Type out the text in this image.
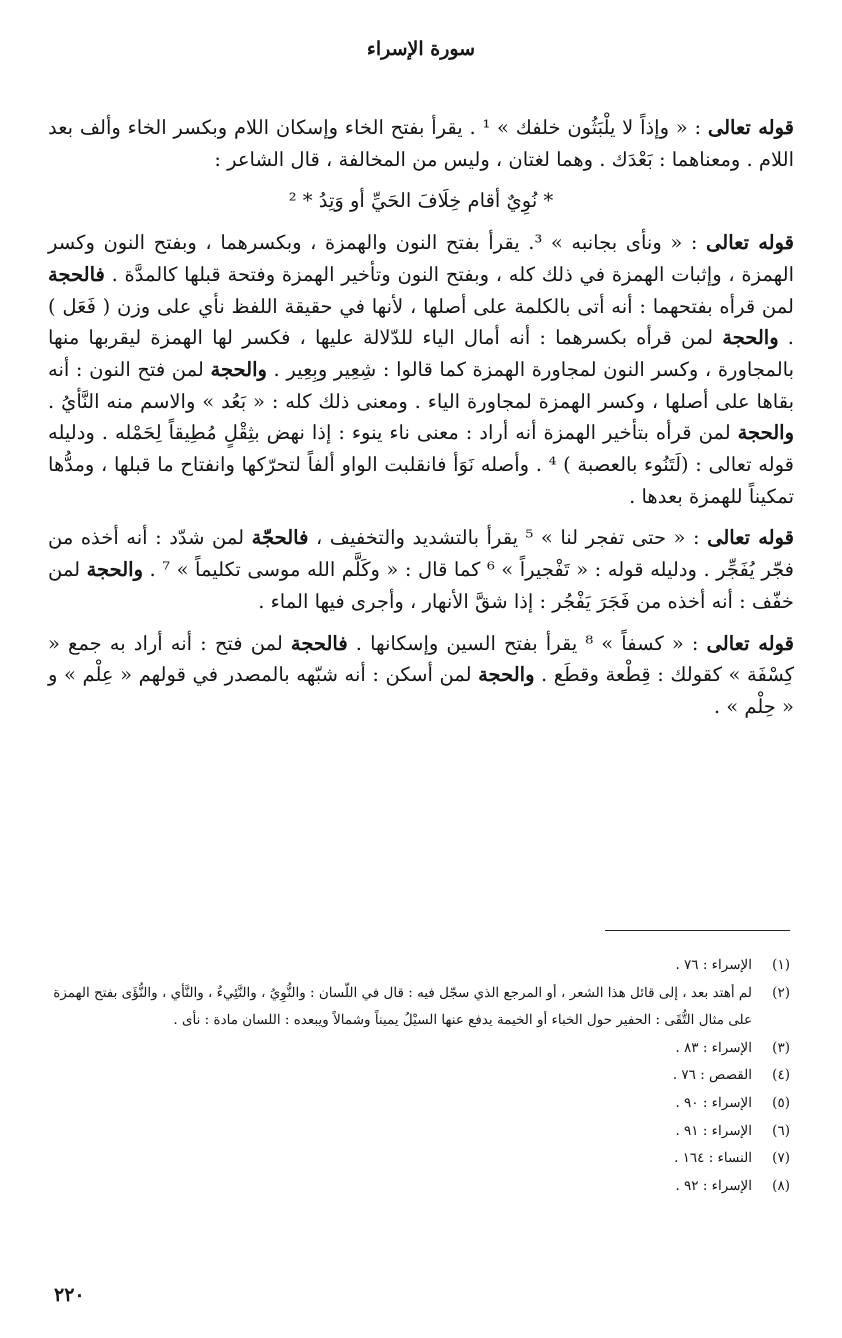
سورة الإسراء

قوله تعالى : « وإذاً لا يلْبَثُون خلفك » ¹ . يقرأ بفتح الخاء وإسكان اللام وبكسر الخاء وألف بعد اللام . ومعناهما : بَعْدَك . وهما لغتان ، وليس من المخالفة ، قال الشاعر :

* نُوِيٌ أقام خِلَافَ الحَيِّ أو وَتِدُ * ²

قوله تعالى : « ونأى بجانبه » ³. يقرأ بفتح النون والهمزة ، وبكسرهما ، وبفتح النون وكسر الهمزة ، وإثبات الهمزة في ذلك كله ، وبفتح النون وتأخير الهمزة وفتحة قبلها كالمدَّة . فالحجة لمن قرأه بفتحهما : أنه أتى بالكلمة على أصلها ، لأنها في حقيقة اللفظ نأي على وزن ( فَعَل ) . والحجة لمن قرأه بكسرهما : أنه أمال الياء للدّلالة عليها ، فكسر لها الهمزة ليقربها منها بالمجاورة ، وكسر النون لمجاورة الهمزة كما قالوا : شِعِير وبِعِير . والحجة لمن فتح النون : أنه بقاها على أصلها ، وكسر الهمزة لمجاورة الياء . ومعنى ذلك كله : « بَعُد » والاسم منه النَّأيُ . والحجة لمن قرأه بتأخير الهمزة أنه أراد : معنى ناء ينوء : إذا نهض بثِقْلٍ مُطِيقاً لِحَمْله . ودليله قوله تعالى : (لَتَنُوء بالعصبة ) ⁴ . وأصله نَوَأ فانقلبت الواو ألفاً لتحرّكها وانفتاح ما قبلها ، ومدُّها تمكيناً للهمزة بعدها .

قوله تعالى : « حتى تفجر لنا » ⁵ يقرأ بالتشديد والتخفيف ، فالحجّة لمن شدّد : أنه أخذه من فجّر يُفَجِّر . ودليله قوله : « تَفْجيراً » ⁶ كما قال : « وكَلَّم الله موسى تكليماً » ⁷ . والحجة لمن خفّف : أنه أخذه من فَجَرَ يَفْجُر : إذا شقَّ الأنهار ، وأجرى فيها الماء .

قوله تعالى : « كسفاً » ⁸ يقرأ بفتح السين وإسكانها . فالحجة لمن فتح : أنه أراد به جمع « كِسْفَة » كقولك : قِطْعة وقطَع . والحجة لمن أسكن : أنه شبّهه بالمصدر في قولهم « عِلْم » و « حِلْم » .

(١)
الإسراء : ٧٦ .
(٢)
لم أهتد بعد ، إلى قائل هذا الشعر ، أو المرجع الذي سجّل فيه : قال في اللّسان : والنُّوِيُ ، والنَّئِيءُ ، والنَّأي ، والنُّؤَى بفتح الهمزة على مثال التُّقَى : الحفير حول الخباء أو الخيمة يدفع عنها السيْلُ يميناً وشمالاً ويبعده : اللسان مادة : نأى .
(٣)
الإسراء : ٨٣ .
(٤)
القصص : ٧٦ .
(٥)
الإسراء : ٩٠ .
(٦)
الإسراء : ٩١ .
(٧)
النساء : ١٦٤ .
(٨)
الإسراء : ٩٢ .
٢٢٠
